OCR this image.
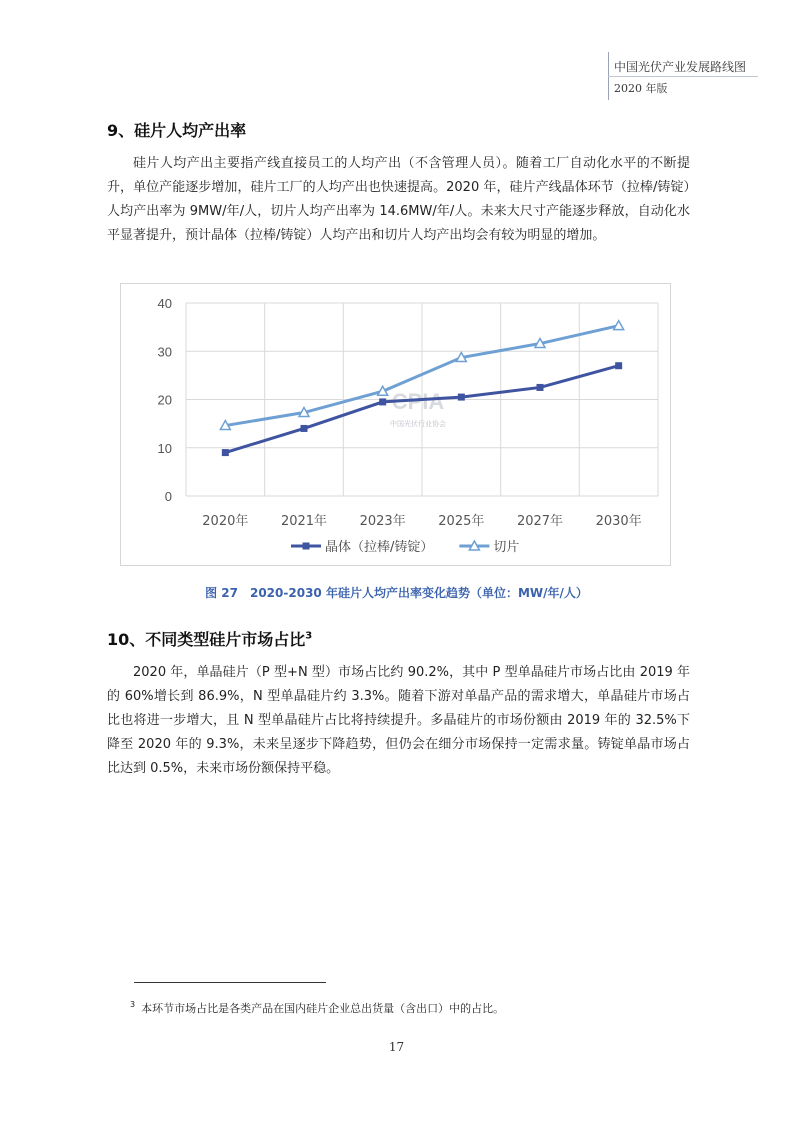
中国光伏产业发展路线图
2020 年版
9、硅片人均产出率

硅片人均产出主要指产线直接员工的人均产出（不含管理人员）。随着工厂自动化水平的不断提升，单位产能逐步增加，硅片工厂的人均产出也快速提高。2020 年，硅片产线晶体环节（拉棒/铸锭）人均产出率为 9MW/年/人，切片人均产出率为 14.6MW/年/人。未来大尺寸产能逐步释放，自动化水平显著提升，预计晶体（拉棒/铸锭）人均产出和切片人均产出均会有较为明显的增加。

0
10
20
30
40
2020年	2021年	2023年	2025年	2027年	2030年
CPIA
中国光伏行业协会
晶体（拉棒/铸锭）	切片
图 27　2020-2030 年硅片人均产出率变化趋势（单位：MW/年/人）
10、不同类型硅片市场占比$^3$

2020 年，单晶硅片（P 型+N 型）市场占比约 90.2%，其中 P 型单晶硅片市场占比由 2019 年的 60%增长到 86.9%，N 型单晶硅片约 3.3%。随着下游对单晶产品的需求增大，单晶硅片市场占比也将进一步增大，且 N 型单晶硅片占比将持续提升。多晶硅片的市场份额由 2019 年的 32.5%下降至 2020 年的 9.3%，未来呈逐步下降趋势，但仍会在细分市场保持一定需求量。铸锭单晶市场占比达到 0.5%，未来市场份额保持平稳。

$^3$ 本环节市场占比是各类产品在国内硅片企业总出货量（含出口）中的占比。
17
